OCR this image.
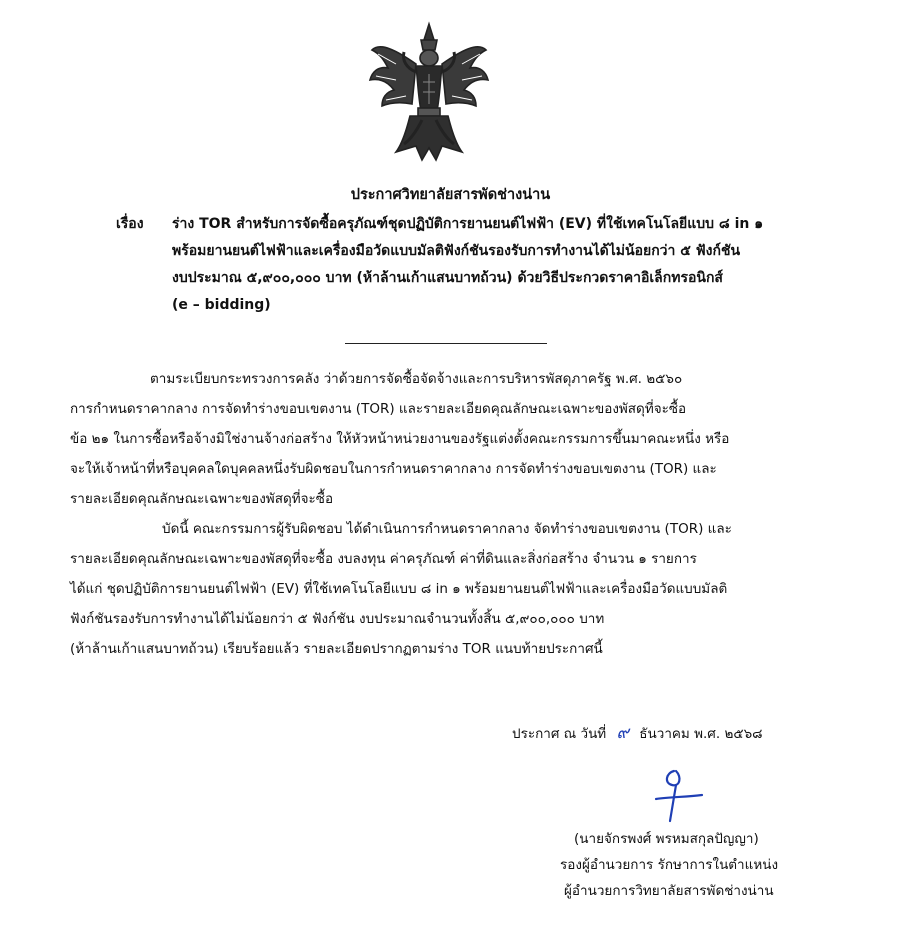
ประกาศวิทยาลัยสารพัดช่างน่าน
เรื่อง ร่าง TOR สำหรับการจัดซื้อครุภัณฑ์ชุดปฏิบัติการยานยนต์ไฟฟ้า (EV) ที่ใช้เทคโนโลยีแบบ ๘ in ๑
พร้อมยานยนต์ไฟฟ้าและเครื่องมือวัดแบบมัลติฟังก์ชันรองรับการทำงานได้ไม่น้อยกว่า ๕ ฟังก์ชัน
งบประมาณ ๕,๙๐๐,๐๐๐ บาท (ห้าล้านเก้าแสนบาทถ้วน) ด้วยวิธีประกวดราคาอิเล็กทรอนิกส์
(e – bidding)
ตามระเบียบกระทรวงการคลัง ว่าด้วยการจัดซื้อจัดจ้างและการบริหารพัสดุภาครัฐ พ.ศ. ๒๕๖๐
การกำหนดราคากลาง การจัดทำร่างขอบเขตงาน (TOR) และรายละเอียดคุณลักษณะเฉพาะของพัสดุที่จะซื้อ
ข้อ ๒๑ ในการซื้อหรือจ้างมิใช่งานจ้างก่อสร้าง ให้หัวหน้าหน่วยงานของรัฐแต่งตั้งคณะกรรมการขึ้นมาคณะหนึ่ง หรือ
จะให้เจ้าหน้าที่หรือบุคคลใดบุคคลหนึ่งรับผิดชอบในการกำหนดราคากลาง การจัดทำร่างขอบเขตงาน (TOR) และ
รายละเอียดคุณลักษณะเฉพาะของพัสดุที่จะซื้อ
บัดนี้ คณะกรรมการผู้รับผิดชอบ ได้ดำเนินการกำหนดราคากลาง จัดทำร่างขอบเขตงาน (TOR) และ
รายละเอียดคุณลักษณะเฉพาะของพัสดุที่จะซื้อ งบลงทุน ค่าครุภัณฑ์ ค่าที่ดินและสิ่งก่อสร้าง จำนวน ๑ รายการ
ได้แก่ ชุดปฏิบัติการยานยนต์ไฟฟ้า (EV) ที่ใช้เทคโนโลยีแบบ ๘ in ๑ พร้อมยานยนต์ไฟฟ้าและเครื่องมือวัดแบบมัลติ
ฟังก์ชันรองรับการทำงานได้ไม่น้อยกว่า ๕ ฟังก์ชัน งบประมาณจำนวนทั้งสิ้น ๕,๙๐๐,๐๐๐ บาท
(ห้าล้านเก้าแสนบาทถ้วน) เรียบร้อยแล้ว รายละเอียดปรากฏตามร่าง TOR แนบท้ายประกาศนี้
ประกาศ ณ วันที่ ๙ ธันวาคม พ.ศ. ๒๕๖๘
(นายจักรพงศ์ พรหมสกุลปัญญา)
รองผู้อำนวยการ รักษาการในตำแหน่ง
ผู้อำนวยการวิทยาลัยสารพัดช่างน่าน
